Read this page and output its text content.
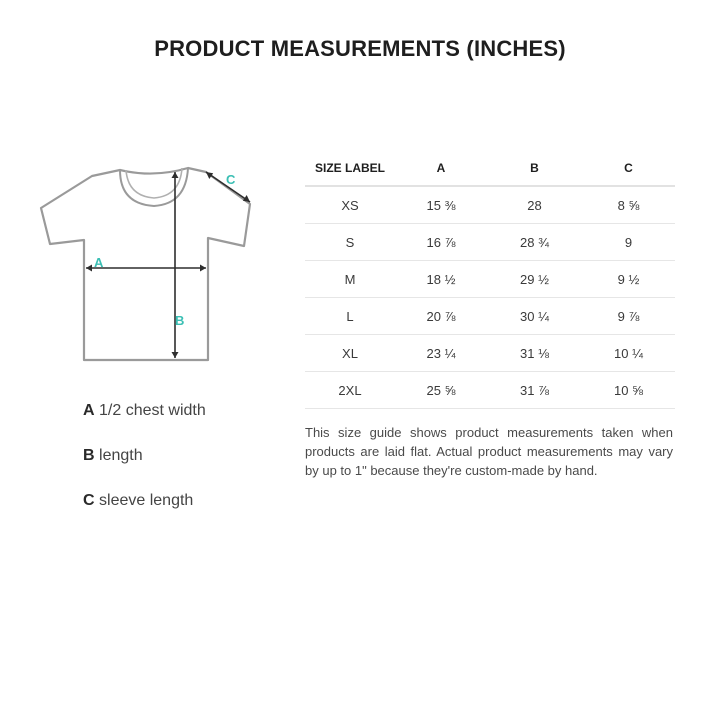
PRODUCT MEASUREMENTS (INCHES)
A
B
C
A 1/2 chest width
B length
C sleeve length
SIZE LABEL	A	B	C
XS	15 ⅜	28	8 ⅝
S	16 ⅞	28 ¾	9
M	18 ½	29 ½	9 ½
L	20 ⅞	30 ¼	9 ⅞
XL	23 ¼	31 ⅛	10 ¼
2XL	25 ⅝	31 ⅞	10 ⅝

This size guide shows product measurements taken when products are laid flat. Actual product measurements may vary by up to 1" because they're custom-made by hand.
